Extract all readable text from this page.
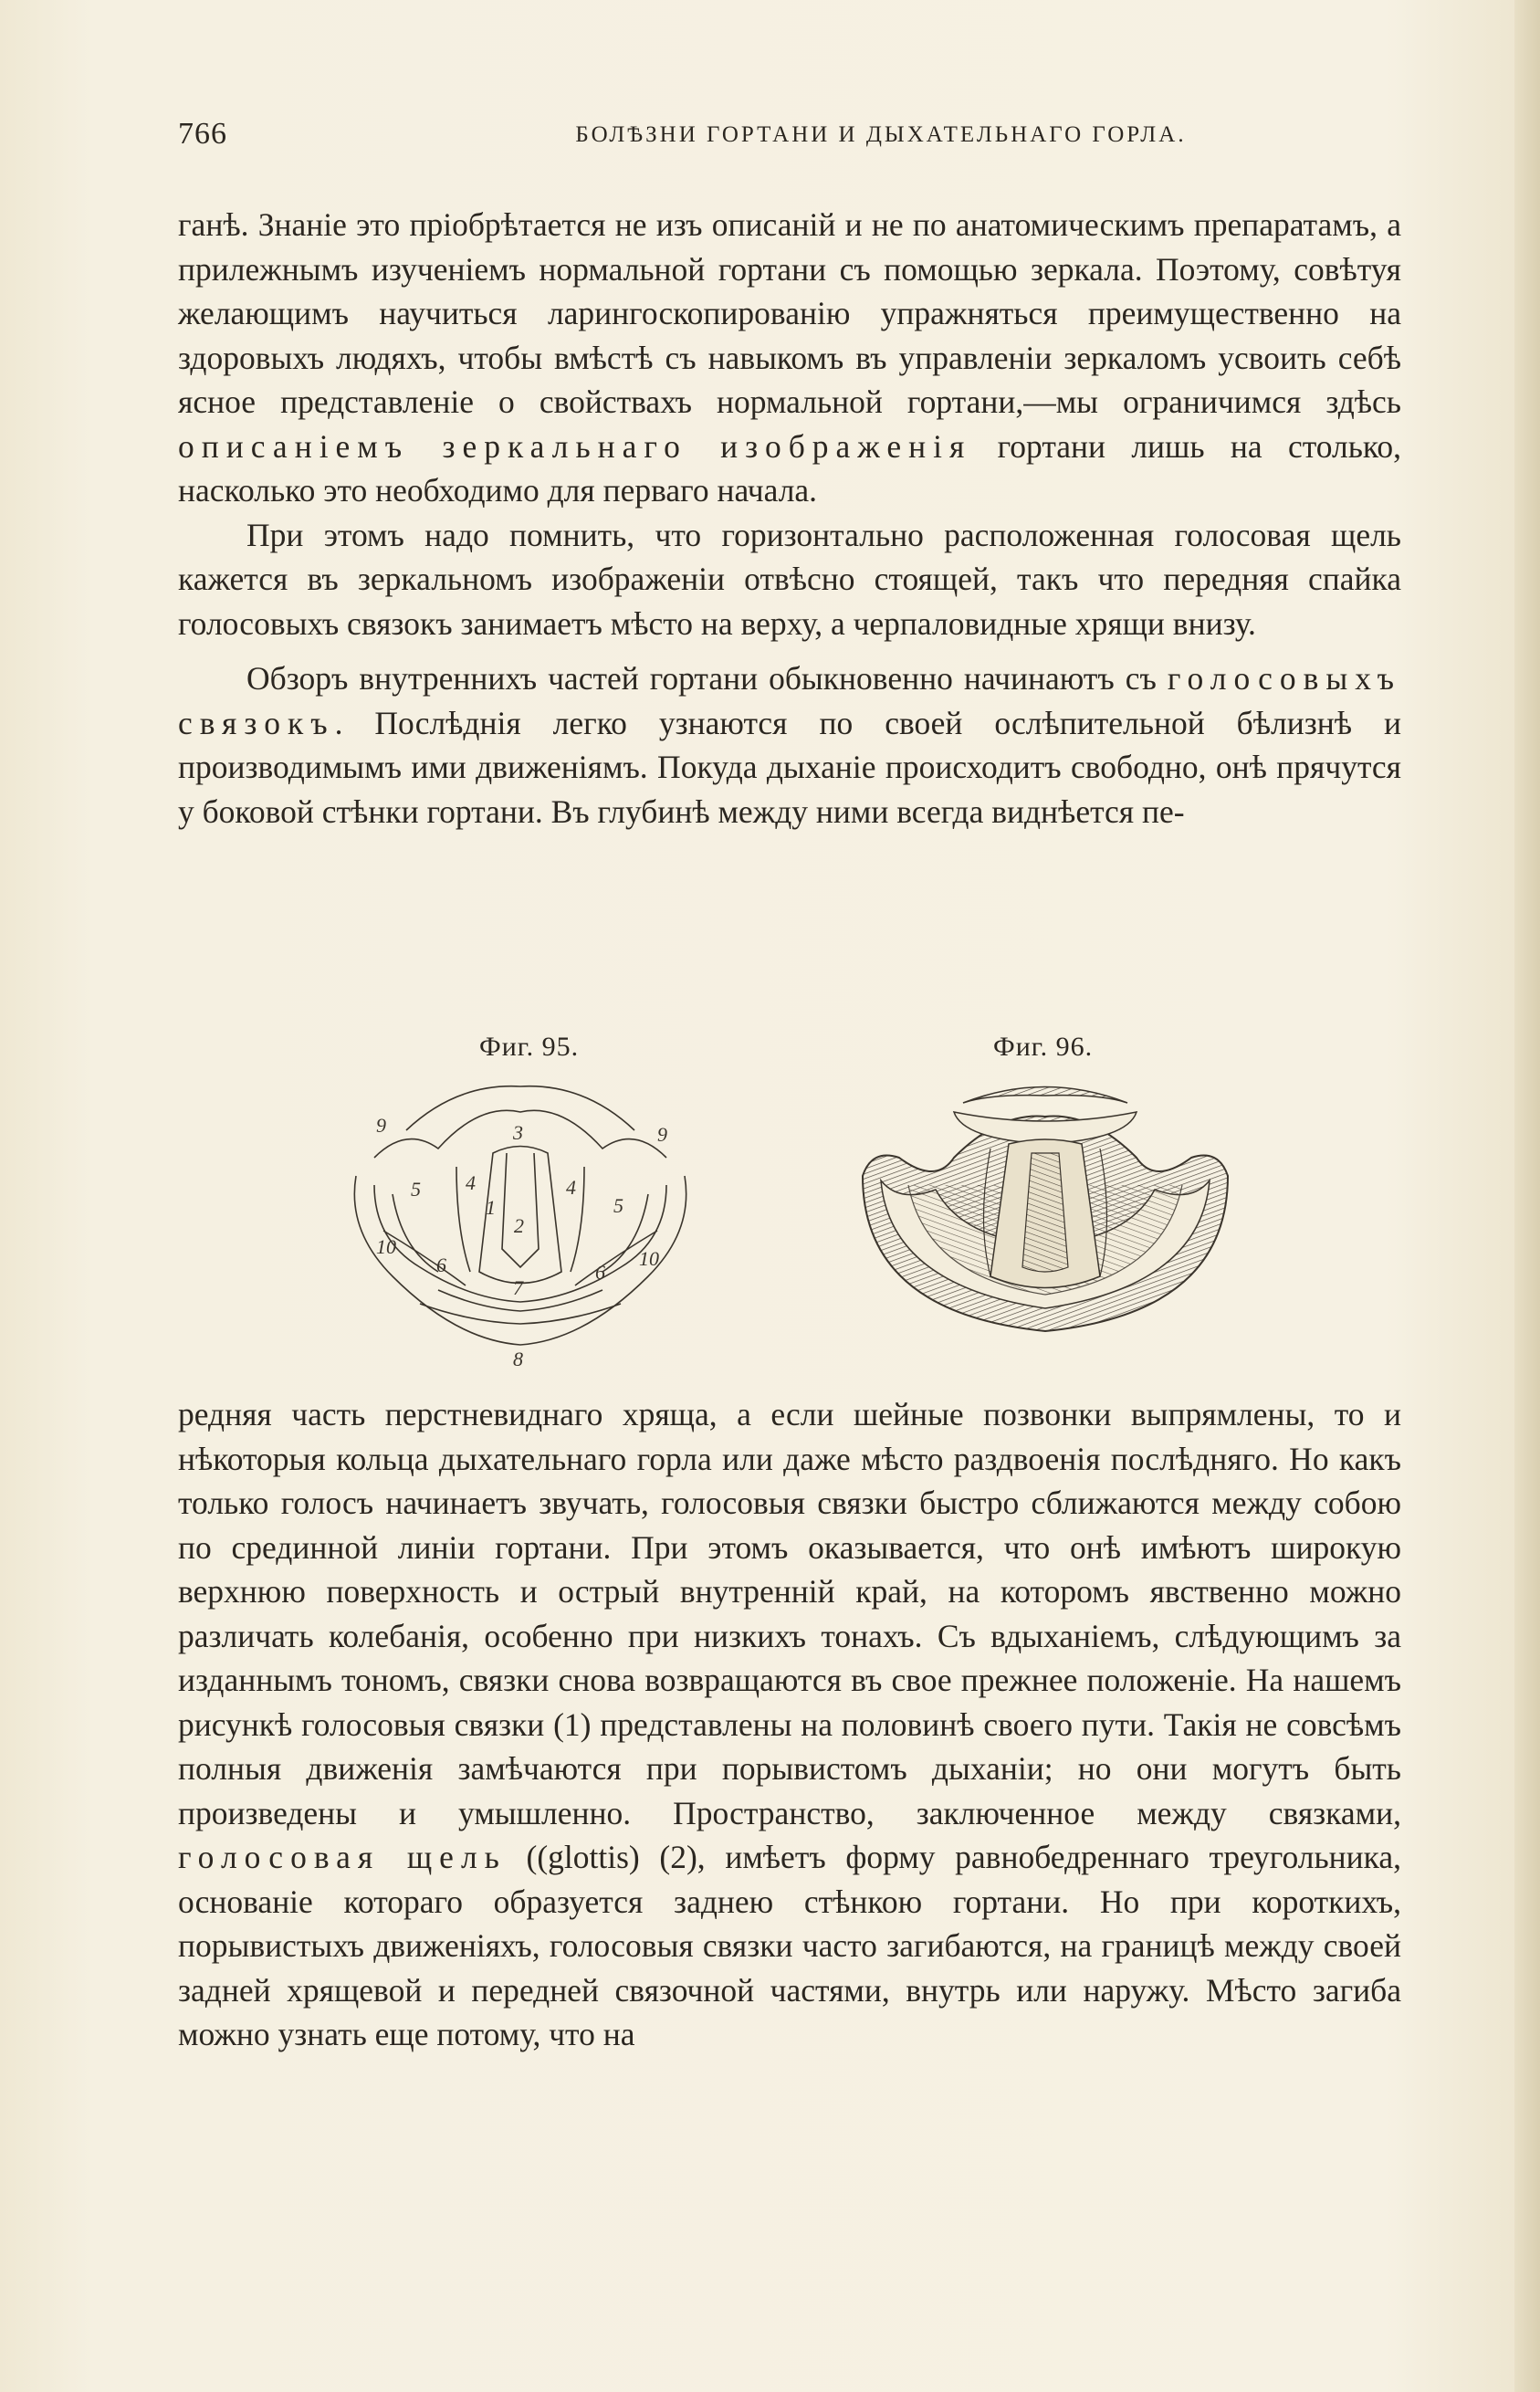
766	БОЛѢЗНИ ГОРТАНИ И ДЫХАТЕЛЬНАГО ГОРЛА.

ганѣ. Знаніе это пріобрѣтается не изъ описаній и не по анатомическимъ препаратамъ, а прилежнымъ изученіемъ нормальной гортани съ помощью зеркала. Поэтому, совѣтуя желающимъ научиться ларингоскопированію упражняться преимущественно на здоровыхъ людяхъ, чтобы вмѣстѣ съ навыкомъ въ управленіи зеркаломъ усвоить себѣ ясное представленіе о свойствахъ нормальной гортани,—мы ограничимся здѣсь описаніемъ зеркальнаго изображенія гортани лишь на столько, насколько это необходимо для перваго начала.

При этомъ надо помнить, что горизонтально расположенная голосовая щель кажется въ зеркальномъ изображеніи отвѣсно стоящей, такъ что передняя спайка голосовыхъ связокъ занимаетъ мѣсто на верху, а черпаловидные хрящи внизу.

Обзоръ внутреннихъ частей гортани обыкновенно начинаютъ съ голосовыхъ связокъ. Послѣднія легко узнаются по своей ослѣпительной бѣлизнѣ и производимымъ ими движеніямъ. Покуда дыханіе происходитъ свободно, онѣ прячутся у боковой стѣнки гортани. Въ глубинѣ между ними всегда виднѣется пе-

Фиг. 95.	Фиг. 96.
9	3	9
5 4
1
4
5
2
10
6	6
10
7
8

редняя часть перстневиднаго хряща, а если шейные позвонки выпрямлены, то и нѣкоторыя кольца дыхательнаго горла или даже мѣсто раздвоенія послѣдняго. Но какъ только голосъ начинаетъ звучать, голосовыя связки быстро сближаются между собою по срединной линіи гортани. При этомъ оказывается, что онѣ имѣютъ широкую верхнюю поверхность и острый внутренній край, на которомъ явственно можно различать колебанія, особенно при низкихъ тонахъ. Съ вдыханіемъ, слѣдующимъ за изданнымъ тономъ, связки снова возвращаются въ свое прежнее положеніе. На нашемъ рисункѣ голосовыя связки (1) представлены на половинѣ своего пути. Такія не совсѣмъ полныя движенія замѣчаются при порывистомъ дыханіи; но они могутъ быть произведены и умышленно. Пространство, заключенное между связками, голосовая щель ((glottis) (2), имѣетъ форму равнобедреннаго треугольника, основаніе котораго образуется заднею стѣнкою гортани. Но при короткихъ, порывистыхъ движеніяхъ, голосовыя связки часто загибаются, на границѣ между своей задней хрящевой и передней связочной частями, внутрь или наружу. Мѣсто загиба можно узнать еще потому, что на
